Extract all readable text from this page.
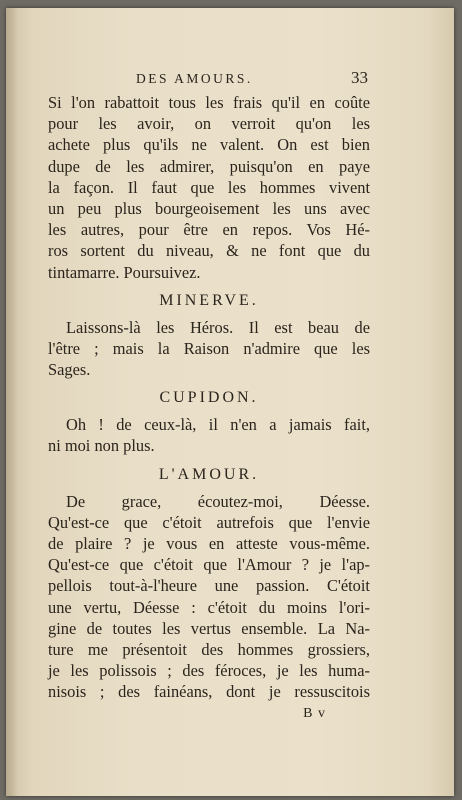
DES AMOURS.	33
Si l'on rabattoit tous les frais qu'il en coûte
pour les avoir, on verroit qu'on les
achete plus qu'ils ne valent. On est bien
dupe de les admirer, puisqu'on en paye
la façon. Il faut que les hommes vivent
un peu plus bourgeoisement les uns avec
les autres, pour être en repos. Vos Hé-
ros sortent du niveau, & ne font que du
tintamarre. Poursuivez.
MINERVE.
Laissons-là les Héros. Il est beau de
l'être ; mais la Raison n'admire que les
Sages.
CUPIDON.
Oh ! de ceux-là, il n'en a jamais fait,
ni moi non plus.
L'AMOUR.
De grace, écoutez-moi, Déesse.
Qu'est-ce que c'étoit autrefois que l'envie
de plaire ? je vous en atteste vous-même.
Qu'est-ce que c'étoit que l'Amour ? je l'ap-
pellois tout-à-l'heure une passion. C'étoit
une vertu, Déesse : c'étoit du moins l'ori-
gine de toutes les vertus ensemble. La Na-
ture me présentoit des hommes grossiers,
je les polissois ; des féroces, je les huma-
nisois ; des fainéans, dont je ressuscitois
B v
